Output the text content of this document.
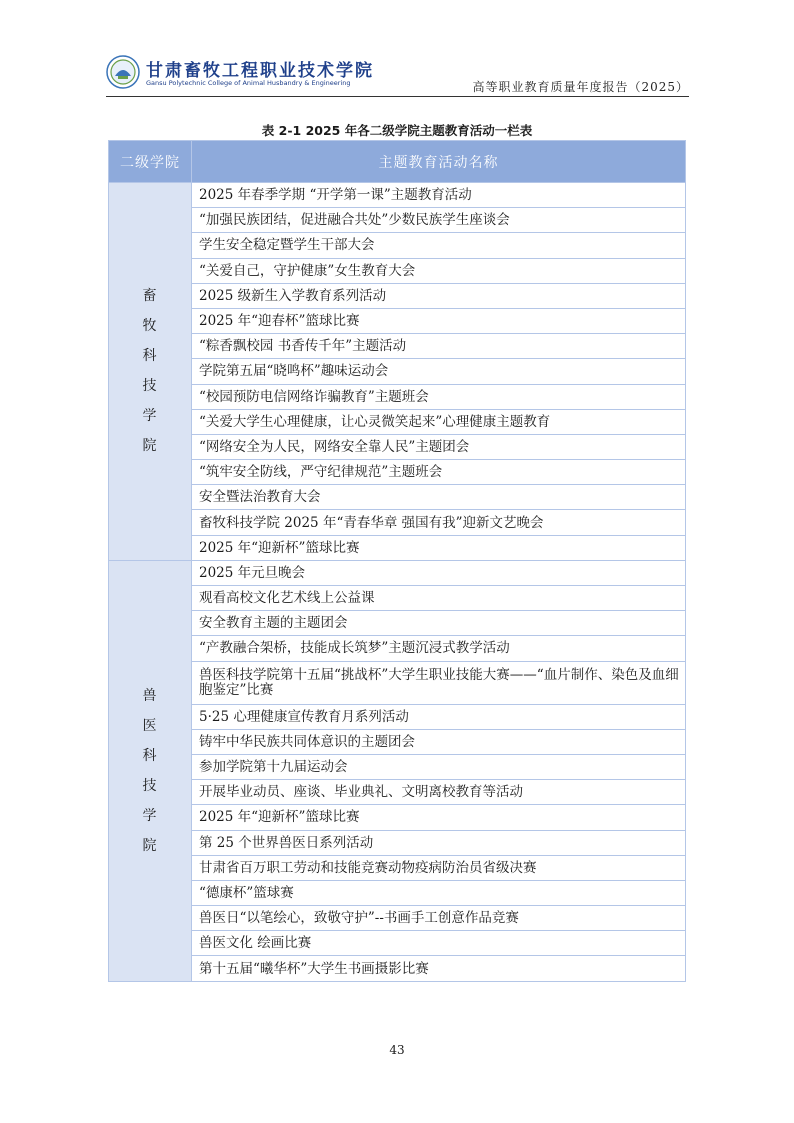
甘肃畜牧工程职业技术学院
Gansu Polytechnic College of Animal Husbandry & Engineering	高等职业教育质量年度报告（2025）
表 2-1 2025 年各二级学院主题教育活动一栏表
二级学院	主题教育活动名称
畜牧科技学院	2025 年春季学期 “开学第一课”主题教育活动
	“加强民族团结，促进融合共处”少数民族学生座谈会
	学生安全稳定暨学生干部大会
	“关爱自己，守护健康”女生教育大会
	2025 级新生入学教育系列活动
	2025 年“迎春杯”篮球比赛
	“粽香飘校园 书香传千年”主题活动
	学院第五届“晓鸣杯”趣味运动会
	“校园预防电信网络诈骗教育”主题班会
	“关爱大学生心理健康，让心灵微笑起来”心理健康主题教育
	“网络安全为人民，网络安全靠人民”主题团会
	“筑牢安全防线，严守纪律规范”主题班会
	安全暨法治教育大会
	畜牧科技学院 2025 年“青春华章 强国有我”迎新文艺晚会
	2025 年“迎新杯”篮球比赛
兽医科技学院	2025 年元旦晚会
	观看高校文化艺术线上公益课
	安全教育主题的主题团会
	“产教融合架桥，技能成长筑梦”主题沉浸式教学活动
	兽医科技学院第十五届“挑战杯”大学生职业技能大赛——“血片制作、染色及血细胞鉴定”比赛
	5·25 心理健康宣传教育月系列活动
	铸牢中华民族共同体意识的主题团会
	参加学院第十九届运动会
	开展毕业动员、座谈、毕业典礼、文明离校教育等活动
	2025 年“迎新杯”篮球比赛
	第 25 个世界兽医日系列活动
	甘肃省百万职工劳动和技能竞赛动物疫病防治员省级决赛
	“德康杯”篮球赛
	兽医日“以笔绘心，致敬守护”--书画手工创意作品竞赛
	兽医文化 绘画比赛
	第十五届“曦华杯”大学生书画摄影比赛
43
